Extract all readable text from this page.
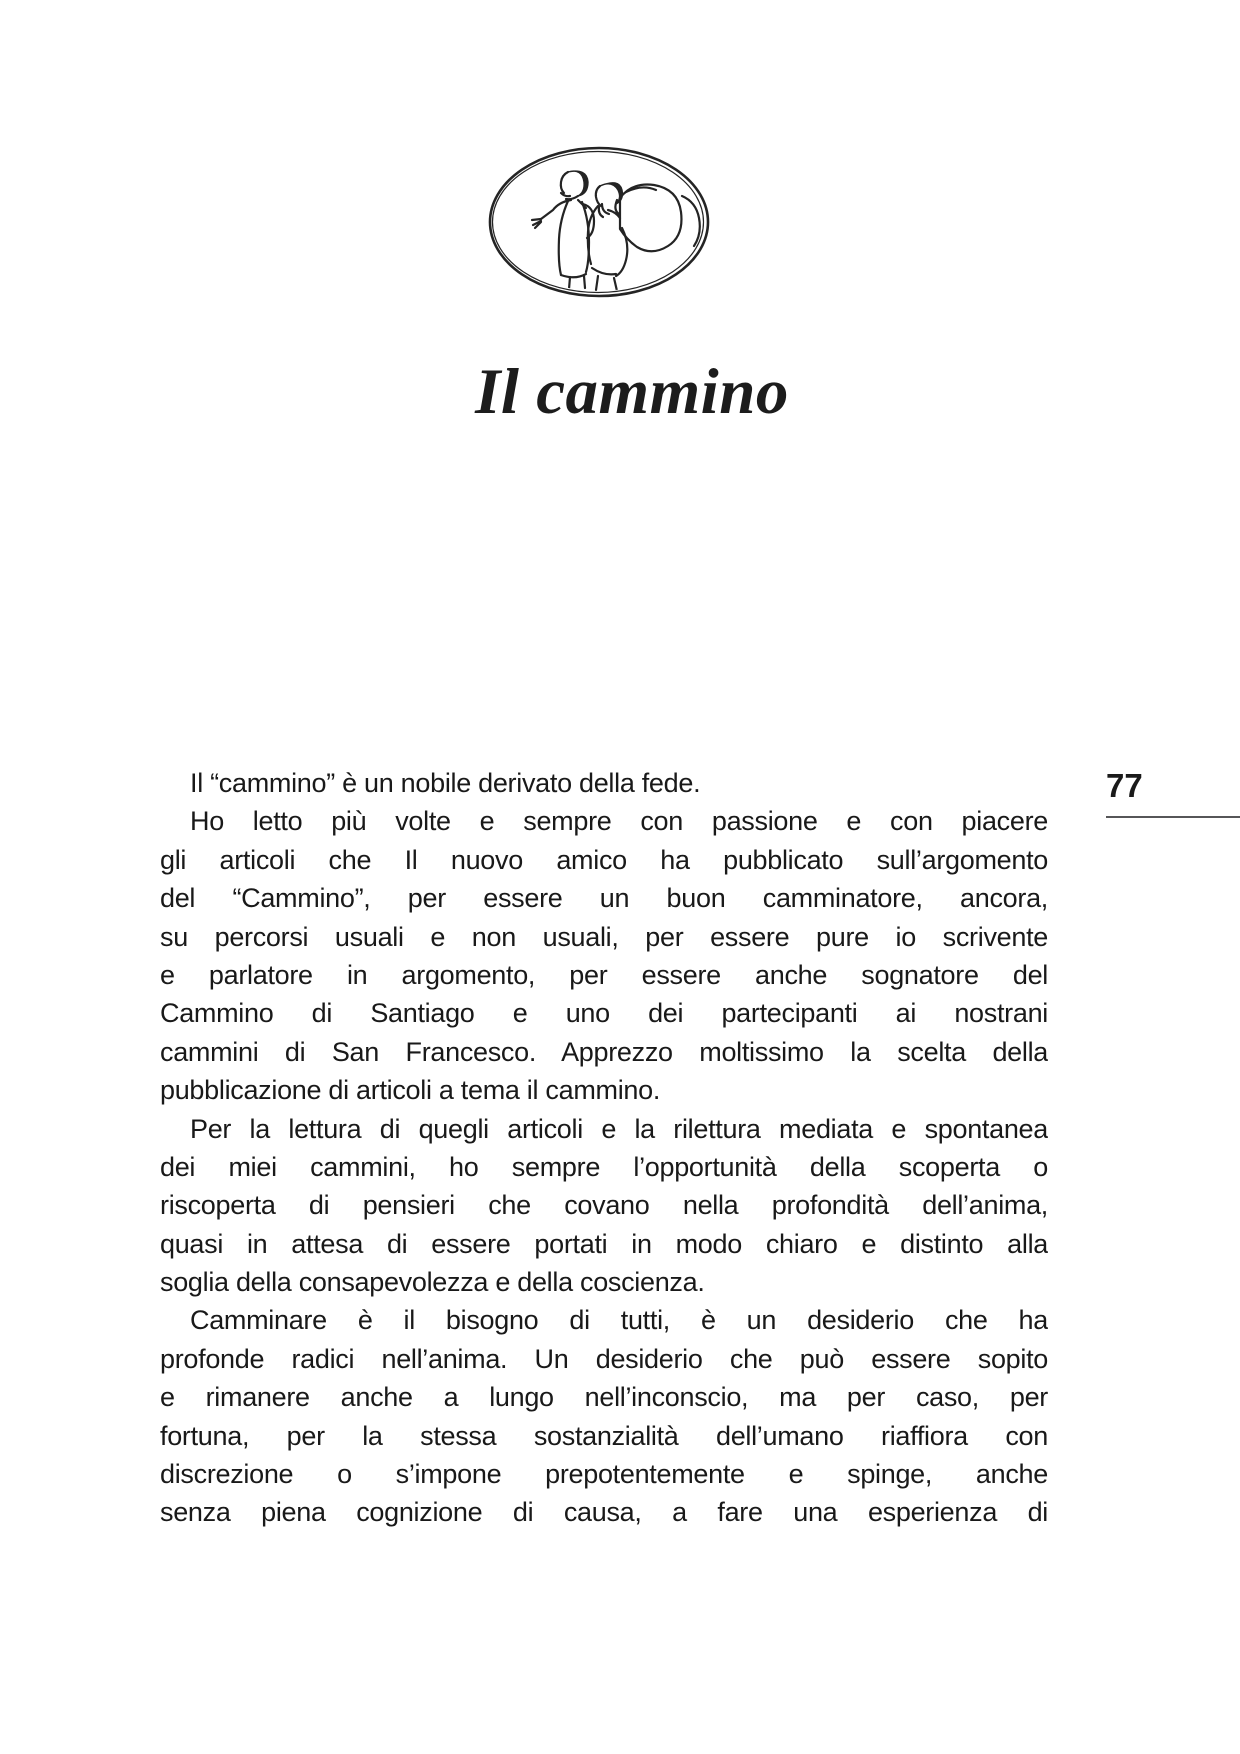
Il cammino
77
Il “cammino” è un nobile derivato della fede.
Ho letto più volte e sempre con passione e con piacere
gli articoli che Il nuovo amico ha pubblicato sull’argomento
del “Cammino”, per essere un buon camminatore, ancora,
su percorsi usuali e non usuali, per essere pure io scrivente
e parlatore in argomento, per essere anche sognatore del
Cammino di Santiago e uno dei partecipanti ai nostrani
cammini di San Francesco. Apprezzo moltissimo la scelta della
pubblicazione di articoli a tema il cammino.
Per la lettura di quegli articoli e la rilettura mediata e spontanea
dei miei cammini, ho sempre l’opportunità della scoperta o
riscoperta di pensieri che covano nella profondità dell’anima,
quasi in attesa di essere portati in modo chiaro e distinto alla
soglia della consapevolezza e della coscienza.
Camminare è il bisogno di tutti, è un desiderio che ha
profonde radici nell’anima. Un desiderio che può essere sopito
e rimanere anche a lungo nell’inconscio, ma per caso, per
fortuna, per la stessa sostanzialità dell’umano riaffiora con
discrezione o s’impone prepotentemente e spinge, anche
senza piena cognizione di causa, a fare una esperienza di
